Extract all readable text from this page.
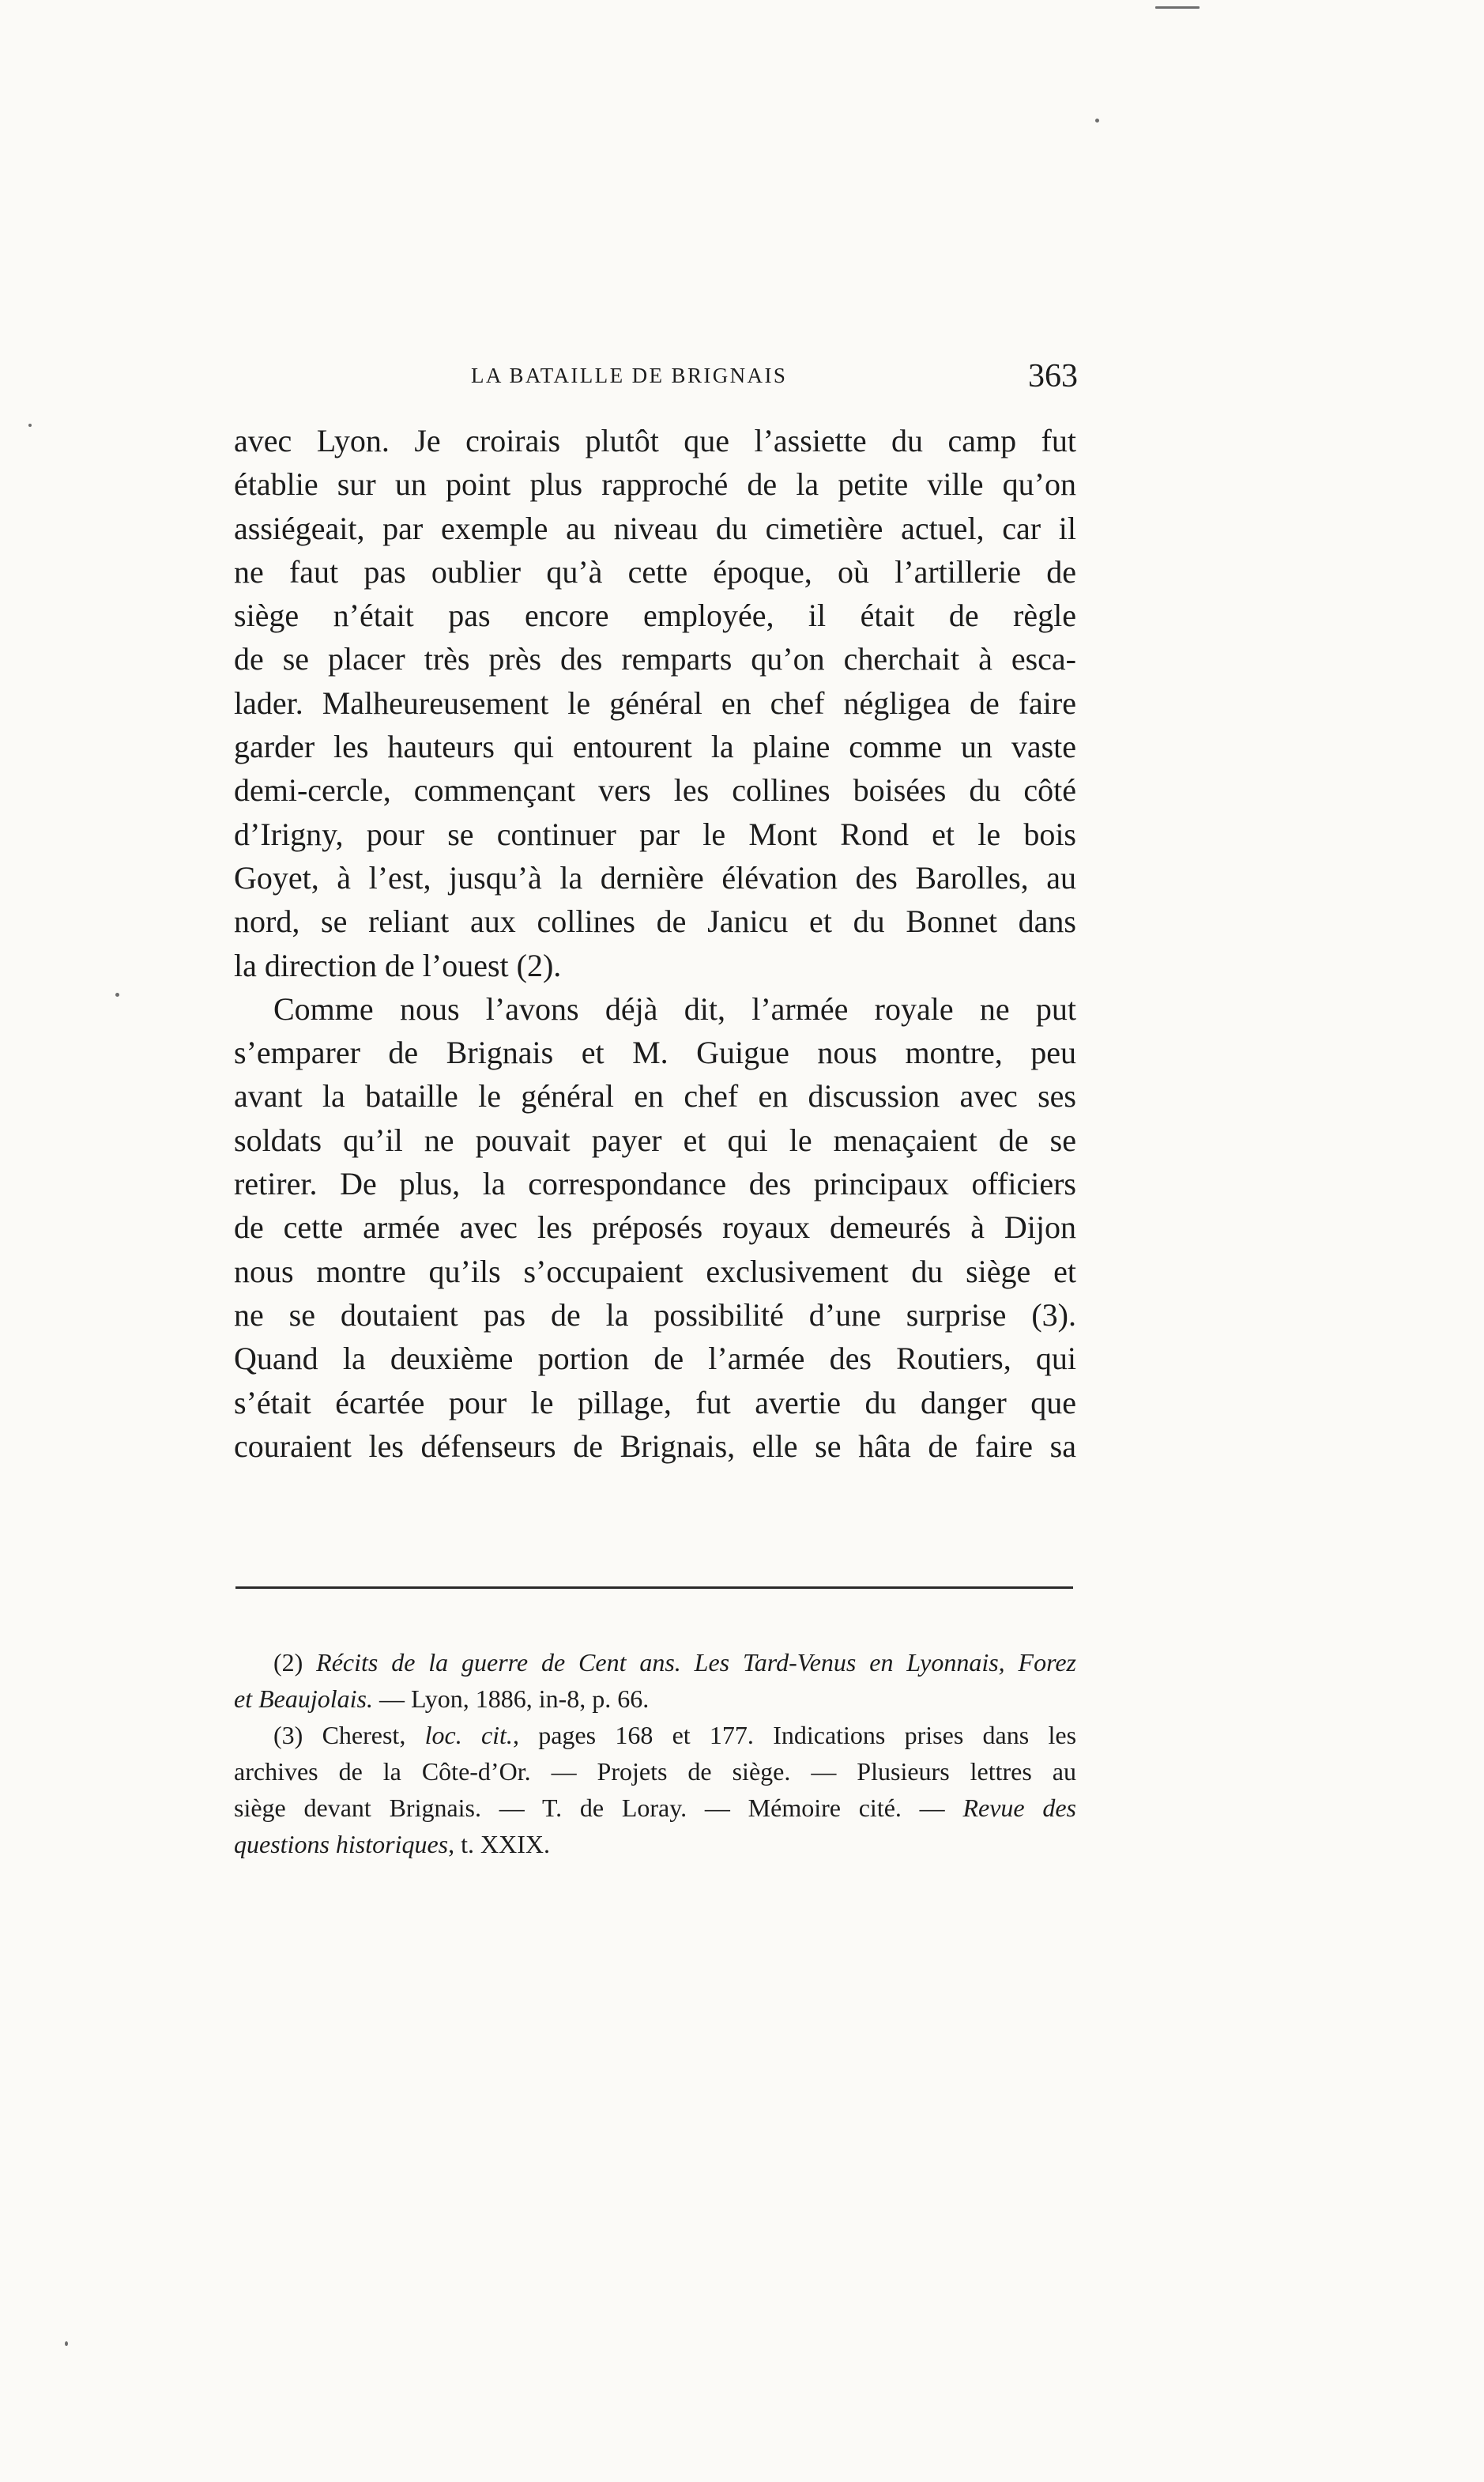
LA BATAILLE DE BRIGNAIS	363
avec Lyon. Je croirais plutôt que l’assiette du camp fut
établie sur un point plus rapproché de la petite ville qu’on
assiégeait, par exemple au niveau du cimetière actuel, car il
ne faut pas oublier qu’à cette époque, où l’artillerie de
siège n’était pas encore employée, il était de règle
de se placer très près des remparts qu’on cherchait à esca-
lader. Malheureusement le général en chef négligea de faire
garder les hauteurs qui entourent la plaine comme un vaste
demi-cercle, commençant vers les collines boisées du côté
d’Irigny, pour se continuer par le Mont Rond et le bois
Goyet, à l’est, jusqu’à la dernière élévation des Barolles, au
nord, se reliant aux collines de Janicu et du Bonnet dans
la direction de l’ouest (2).
Comme nous l’avons déjà dit, l’armée royale ne put
s’emparer de Brignais et M. Guigue nous montre, peu
avant la bataille le général en chef en discussion avec ses
soldats qu’il ne pouvait payer et qui le menaçaient de se
retirer. De plus, la correspondance des principaux officiers
de cette armée avec les préposés royaux demeurés à Dijon
nous montre qu’ils s’occupaient exclusivement du siège et
ne se doutaient pas de la possibilité d’une surprise (3).
Quand la deuxième portion de l’armée des Routiers, qui
s’était écartée pour le pillage, fut avertie du danger que
couraient les défenseurs de Brignais, elle se hâta de faire sa
(2) Récits de la guerre de Cent ans. Les Tard-Venus en Lyonnais, Forez
et Beaujolais. — Lyon, 1886, in-8, p. 66.
(3) Cherest, loc. cit., pages 168 et 177. Indications prises dans les
archives de la Côte-d’Or. — Projets de siège. — Plusieurs lettres au
siège devant Brignais. — T. de Loray. — Mémoire cité. — Revue des
questions historiques, t. XXIX.
